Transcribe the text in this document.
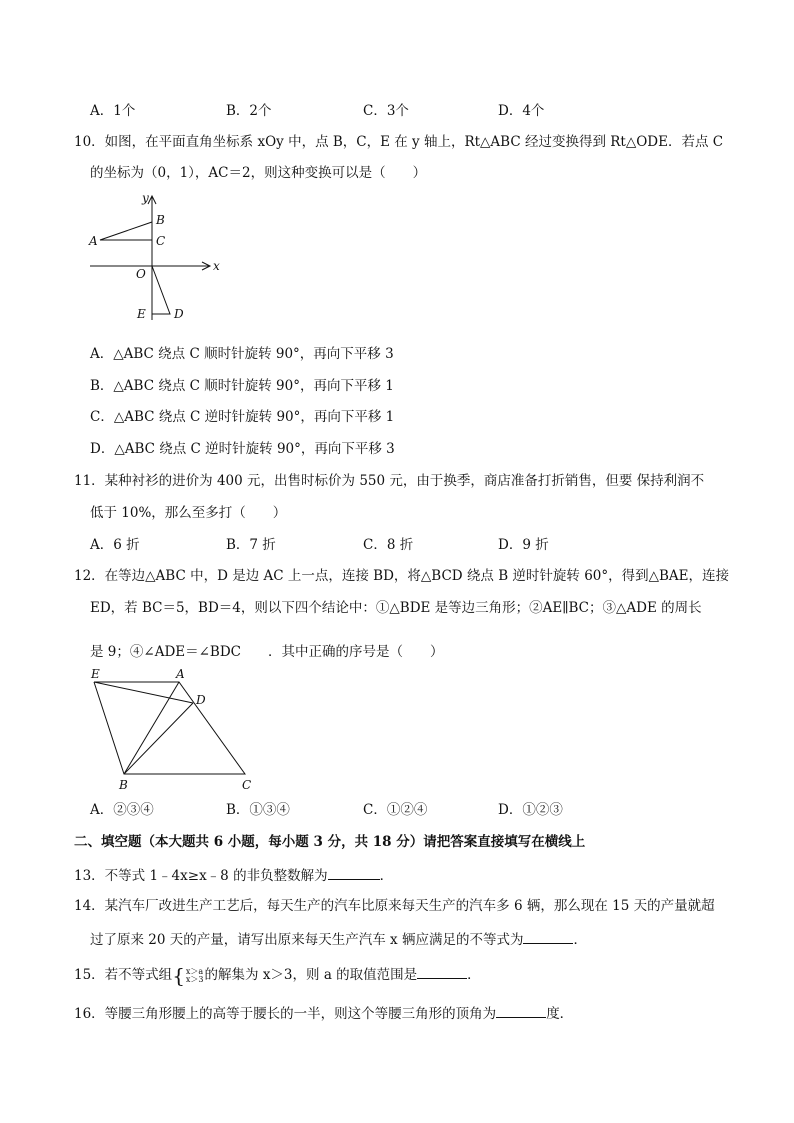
A．1个	B．2个	C．3个	D．4个
10．如图，在平面直角坐标系 xOy 中，点 B，C，E 在 y 轴上，Rt△ABC 经过变换得到 Rt△ODE．若点 C
的坐标为（0，1），AC＝2，则这种变换可以是（　　）
y
B
A	C
O
x
E D
A．△ABC 绕点 C 顺时针旋转 90°，再向下平移 3
B．△ABC 绕点 C 顺时针旋转 90°，再向下平移 1
C．△ABC 绕点 C 逆时针旋转 90°，再向下平移 1
D．△ABC 绕点 C 逆时针旋转 90°，再向下平移 3
11．某种衬衫的进价为 400 元，出售时标价为 550 元，由于换季，商店准备打折销售，但要 保持利润不
低于 10%，那么至多打（　　）
A．6 折	B．7 折	C．8 折	D．9 折
12．在等边△ABC 中，D 是边 AC 上一点，连接 BD，将△BCD 绕点 B 逆时针旋转 60°，得到△BAE，连接
ED，若 BC＝5，BD＝4，则以下四个结论中：①△BDE 是等边三角形；②AE∥BC；③△ADE 的周长
是 9；④∠ADE＝∠BDC　　．其中正确的序号是（　　）
E	A
D
B	C
A．②③④	B．①③④	C．①②④	D．①②③
二、填空题（本大题共 6 小题，每小题 3 分，共 18 分）请把答案直接填写在横线上
13．不等式 1﹣4x≥x﹣8 的非负整数解为	．
14．某汽车厂改进生产工艺后，每天生产的汽车比原来每天生产的汽车多 6 辆，那么现在 15 天的产量就超
过了原来 20 天的产量，请写出原来每天生产汽车 x 辆应满足的不等式为	．
15．若不等式组{ x＞a
x＞3 的解集为 x＞3，则 a 的取值范围是	．
16．等腰三角形腰上的高等于腰长的一半，则这个等腰三角形的顶角为	度．
